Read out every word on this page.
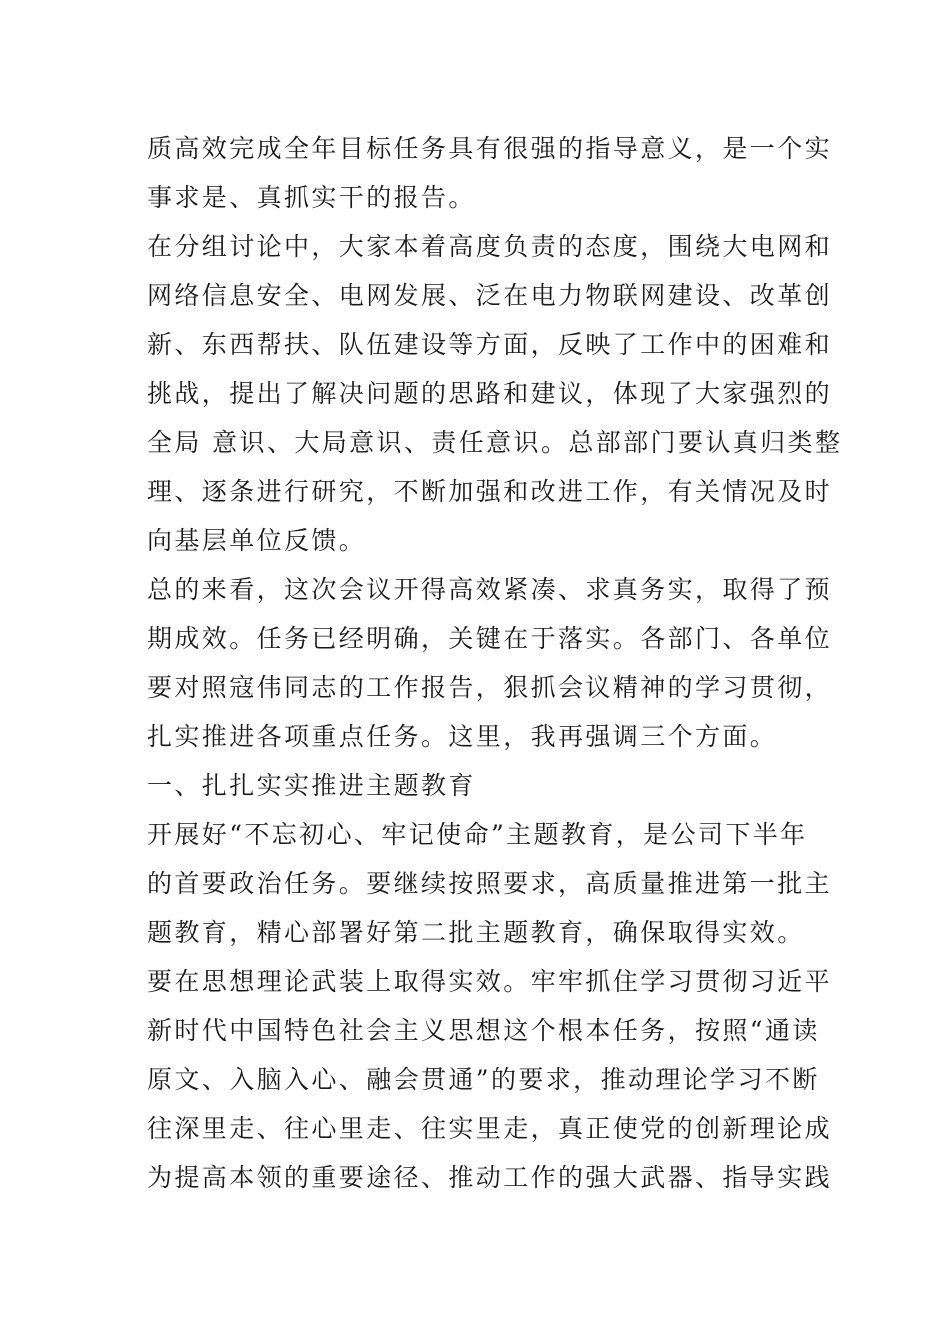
质高效完成全年目标任务具有很强的指导意义，是一个实
事求是、真抓实干的报告。
在分组讨论中，大家本着高度负责的态度，围绕大电网和
网络信息安全、电网发展、泛在电力物联网建设、改革创
新、东西帮扶、队伍建设等方面，反映了工作中的困难和
挑战，提出了解决问题的思路和建议，体现了大家强烈的
全局 意识、大局意识、责任意识。总部部门要认真归类整
理、逐条进行研究，不断加强和改进工作，有关情况及时
向基层单位反馈。
总的来看，这次会议开得高效紧凑、求真务实，取得了预
期成效。任务已经明确，关键在于落实。各部门、各单位
要对照寇伟同志的工作报告，狠抓会议精神的学习贯彻，
扎实推进各项重点任务。这里，我再强调三个方面。
一、扎扎实实推进主题教育
开展好“不忘初心、牢记使命”主题教育，是公司下半年
的首要政治任务。要继续按照要求，高质量推进第一批主
题教育，精心部署好第二批主题教育，确保取得实效。
要在思想理论武装上取得实效。牢牢抓住学习贯彻习近平
新时代中国特色社会主义思想这个根本任务，按照“通读
原文、入脑入心、融会贯通”的要求，推动理论学习不断
往深里走、往心里走、往实里走，真正使党的创新理论成
为提高本领的重要途径、推动工作的强大武器、指导实践
